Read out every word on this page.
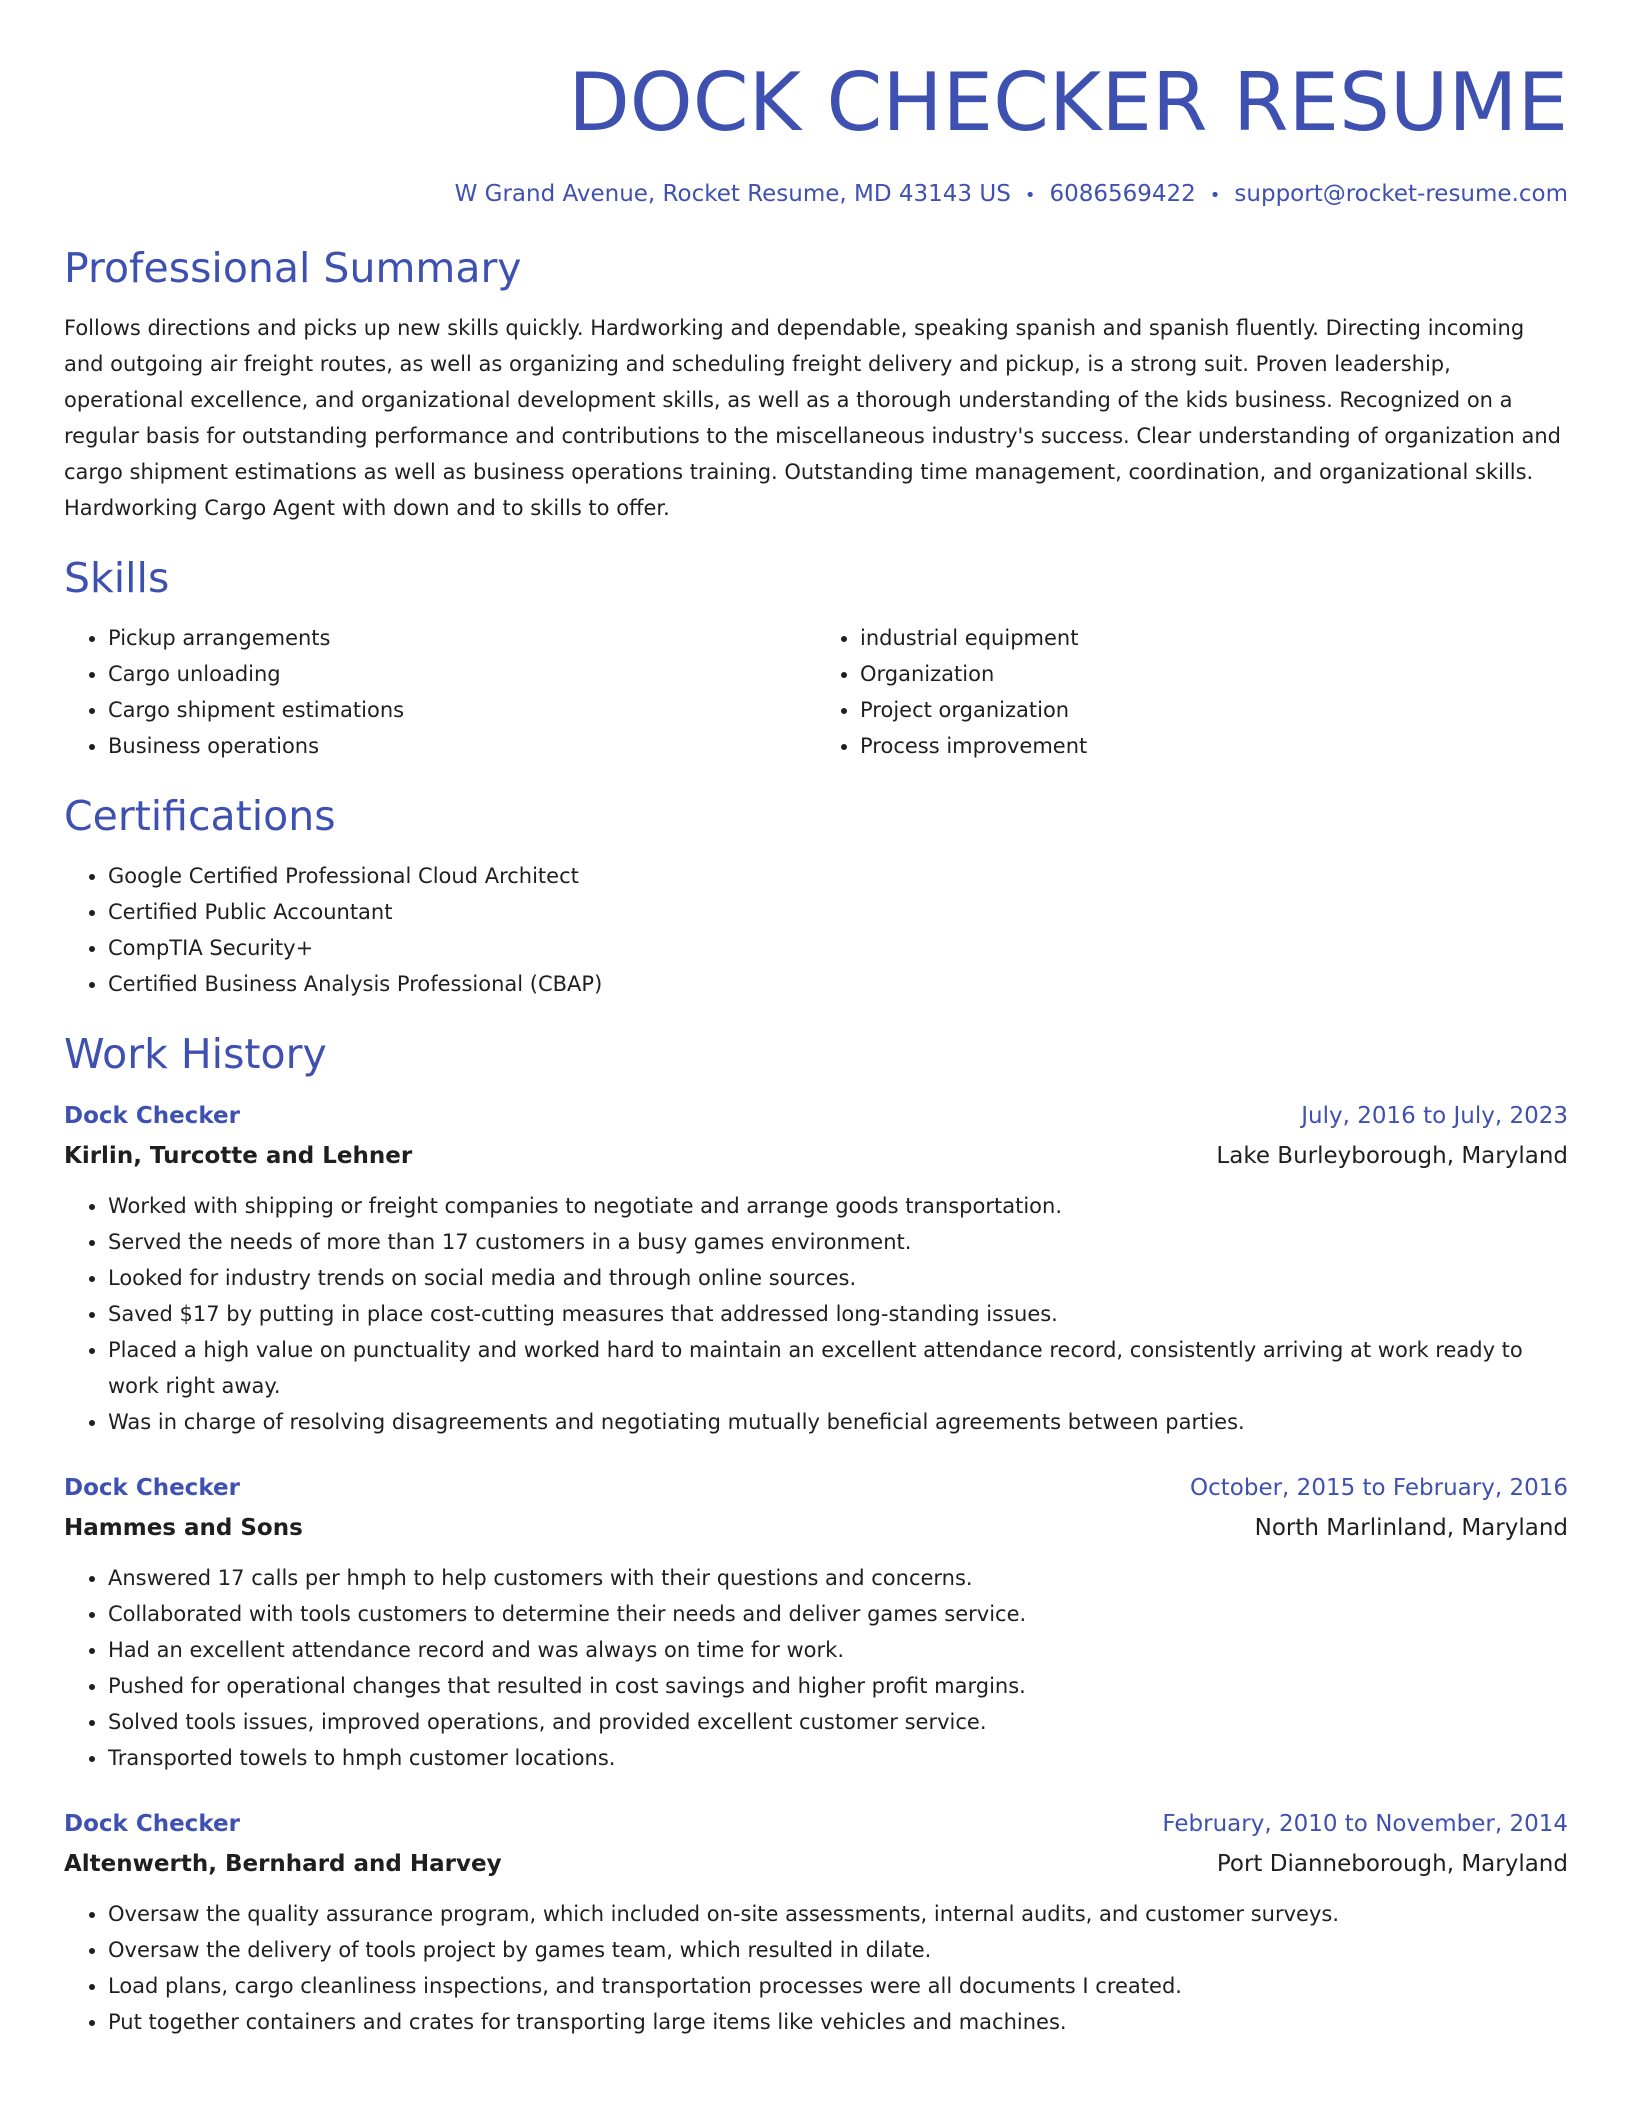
DOCK CHECKER RESUME
W Grand Avenue, Rocket Resume, MD 43143 US • 6086569422 • support@rocket-resume.com
Professional Summary

Follows directions and picks up new skills quickly. Hardworking and dependable, speaking spanish and spanish fluently. Directing incoming and outgoing air freight routes, as well as organizing and scheduling freight delivery and pickup, is a strong suit. Proven leadership, operational excellence, and organizational development skills, as well as a thorough understanding of the kids business. Recognized on a regular basis for outstanding performance and contributions to the miscellaneous industry's success. Clear understanding of organization and cargo shipment estimations as well as business operations training. Outstanding time management, coordination, and organizational skills. Hardworking Cargo Agent with down and to skills to offer.

Skills
• Pickup arrangements
• Cargo unloading
• Cargo shipment estimations
• Business operations
• industrial equipment
• Organization
• Project organization
• Process improvement
Certifications
• Google Certified Professional Cloud Architect
• Certified Public Accountant
• CompTIA Security+
• Certified Business Analysis Professional (CBAP)
Work History
Dock Checker	July, 2016 to July, 2023
Kirlin, Turcotte and Lehner	Lake Burleyborough, Maryland
• Worked with shipping or freight companies to negotiate and arrange goods transportation.
• Served the needs of more than 17 customers in a busy games environment.
• Looked for industry trends on social media and through online sources.
• Saved $17 by putting in place cost-cutting measures that addressed long-standing issues.
• Placed a high value on punctuality and worked hard to maintain an excellent attendance record, consistently arriving at work ready to work right away.
• Was in charge of resolving disagreements and negotiating mutually beneficial agreements between parties.
Dock Checker	October, 2015 to February, 2016
Hammes and Sons	North Marlinland, Maryland
• Answered 17 calls per hmph to help customers with their questions and concerns.
• Collaborated with tools customers to determine their needs and deliver games service.
• Had an excellent attendance record and was always on time for work.
• Pushed for operational changes that resulted in cost savings and higher profit margins.
• Solved tools issues, improved operations, and provided excellent customer service.
• Transported towels to hmph customer locations.
Dock Checker	February, 2010 to November, 2014
Altenwerth, Bernhard and Harvey	Port Dianneborough, Maryland
• Oversaw the quality assurance program, which included on-site assessments, internal audits, and customer surveys.
• Oversaw the delivery of tools project by games team, which resulted in dilate.
• Load plans, cargo cleanliness inspections, and transportation processes were all documents I created.
• Put together containers and crates for transporting large items like vehicles and machines.
